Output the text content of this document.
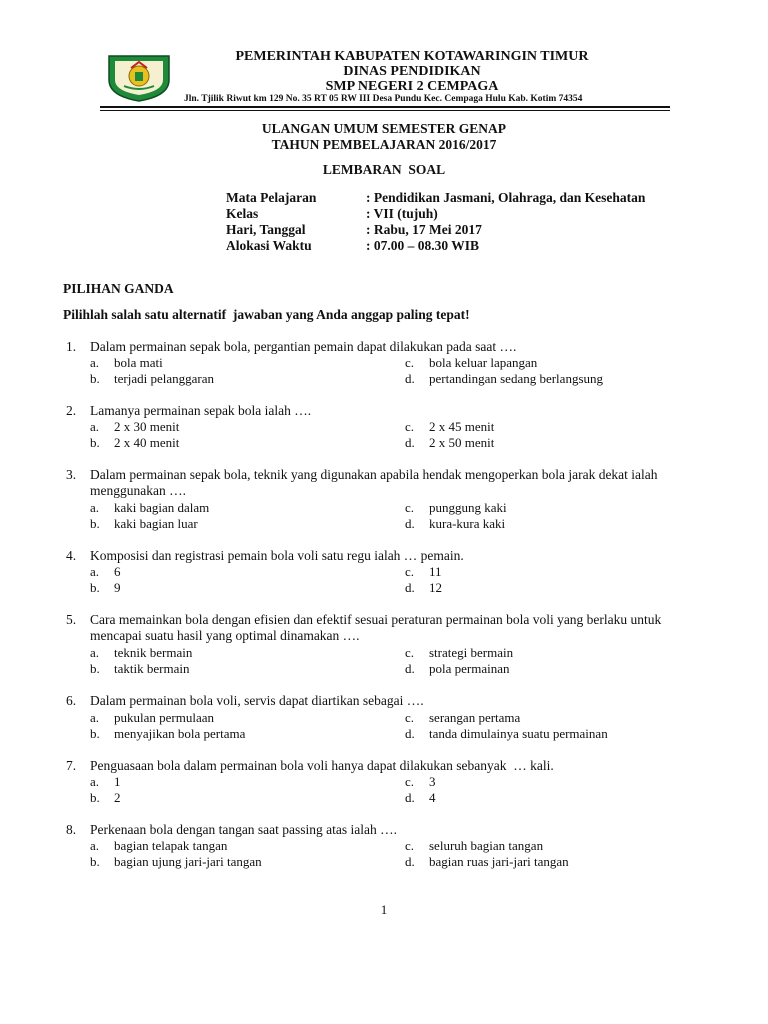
PEMERINTAH KABUPATEN KOTAWARINGIN TIMUR
DINAS PENDIDIKAN
SMP NEGERI 2 CEMPAGA
Jln. Tjilik Riwut km 129 No. 35 RT 05 RW III Desa Pundu Kec. Cempaga Hulu Kab. Kotim 74354
ULANGAN UMUM SEMESTER GENAP
TAHUN PEMBELAJARAN 2016/2017
LEMBARAN  SOAL
Mata Pelajaran	: Pendidikan Jasmani, Olahraga, dan Kesehatan
Kelas	: VII (tujuh)
Hari, Tanggal	: Rabu, 17 Mei 2017
Alokasi Waktu	: 07.00 – 08.30 WIB
PILIHAN GANDA
Pilihlah salah satu alternatif  jawaban yang Anda anggap paling tepat!
1. Dalam permainan sepak bola, pergantian pemain dapat dilakukan pada saat ….
a. bola mati
b. terjadi pelanggaran
c. bola keluar lapangan
d. pertandingan sedang berlangsung
2. Lamanya permainan sepak bola ialah ….
a. 2 x 30 menit
b. 2 x 40 menit
c. 2 x 45 menit
d. 2 x 50 menit
3. Dalam permainan sepak bola, teknik yang digunakan apabila hendak mengoperkan bola jarak dekat ialah menggunakan ….
a. kaki bagian dalam
b. kaki bagian luar
c. punggung kaki
d. kura-kura kaki
4. Komposisi dan registrasi pemain bola voli satu regu ialah … pemain.
a. 6
b. 9
c. 11
d. 12
5. Cara memainkan bola dengan efisien dan efektif sesuai peraturan permainan bola voli yang berlaku untuk mencapai suatu hasil yang optimal dinamakan ….
a. teknik bermain
b. taktik bermain
c. strategi bermain
d. pola permainan
6. Dalam permainan bola voli, servis dapat diartikan sebagai ….
a. pukulan permulaan
b. menyajikan bola pertama
c. serangan pertama
d. tanda dimulainya suatu permainan
7. Penguasaan bola dalam permainan bola voli hanya dapat dilakukan sebanyak  … kali.
a. 1
b. 2
c. 3
d. 4
8. Perkenaan bola dengan tangan saat passing atas ialah ….
a. bagian telapak tangan
b. bagian ujung jari-jari tangan
c. seluruh bagian tangan
d. bagian ruas jari-jari tangan
1
